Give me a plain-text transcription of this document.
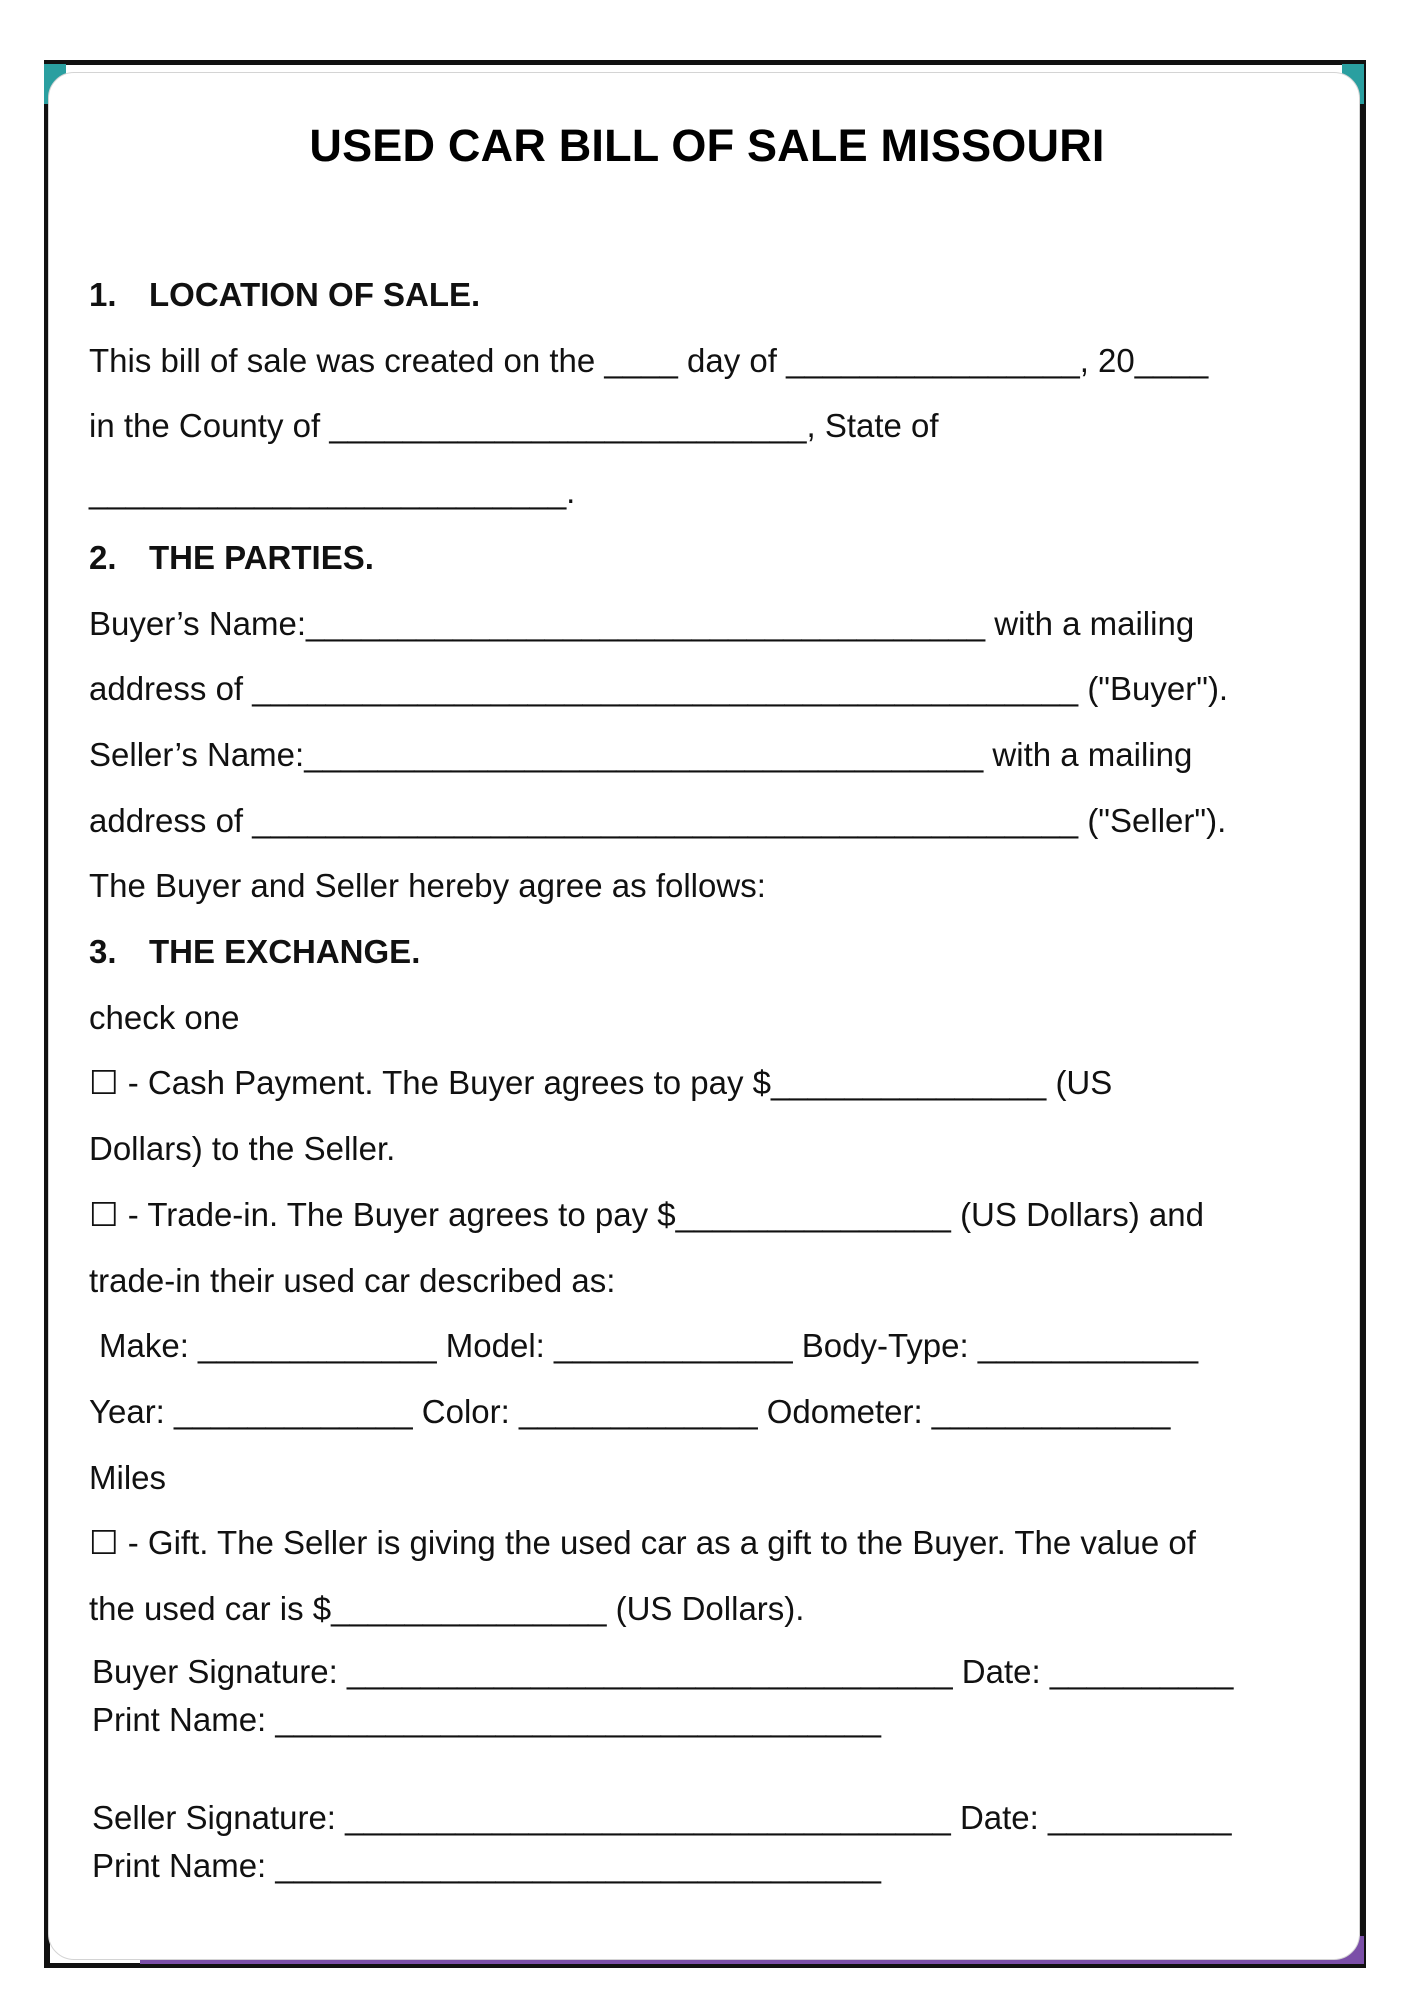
USED CAR BILL OF SALE MISSOURI
1. LOCATION OF SALE.
This bill of sale was created on the ____ day of ________________, 20____
in the County of __________________________, State of
__________________________.
2. THE PARTIES.
Buyer’s Name:_____________________________________ with a mailing
address of _____________________________________________ ("Buyer").
Seller’s Name:_____________________________________ with a mailing
address of _____________________________________________ ("Seller").
The Buyer and Seller hereby agree as follows:
3. THE EXCHANGE.
check one
☐ - Cash Payment. The Buyer agrees to pay $_______________ (US
Dollars) to the Seller.
☐ - Trade-in. The Buyer agrees to pay $_______________ (US Dollars) and
trade-in their used car described as:
Make: _____________ Model: _____________ Body-Type: ____________
Year: _____________ Color: _____________ Odometer: _____________
Miles
☐ - Gift. The Seller is giving the used car as a gift to the Buyer. The value of
the used car is $_______________ (US Dollars).
Buyer Signature: _________________________________ Date: __________
Print Name: _________________________________
Seller Signature: _________________________________ Date: __________
Print Name: _________________________________
